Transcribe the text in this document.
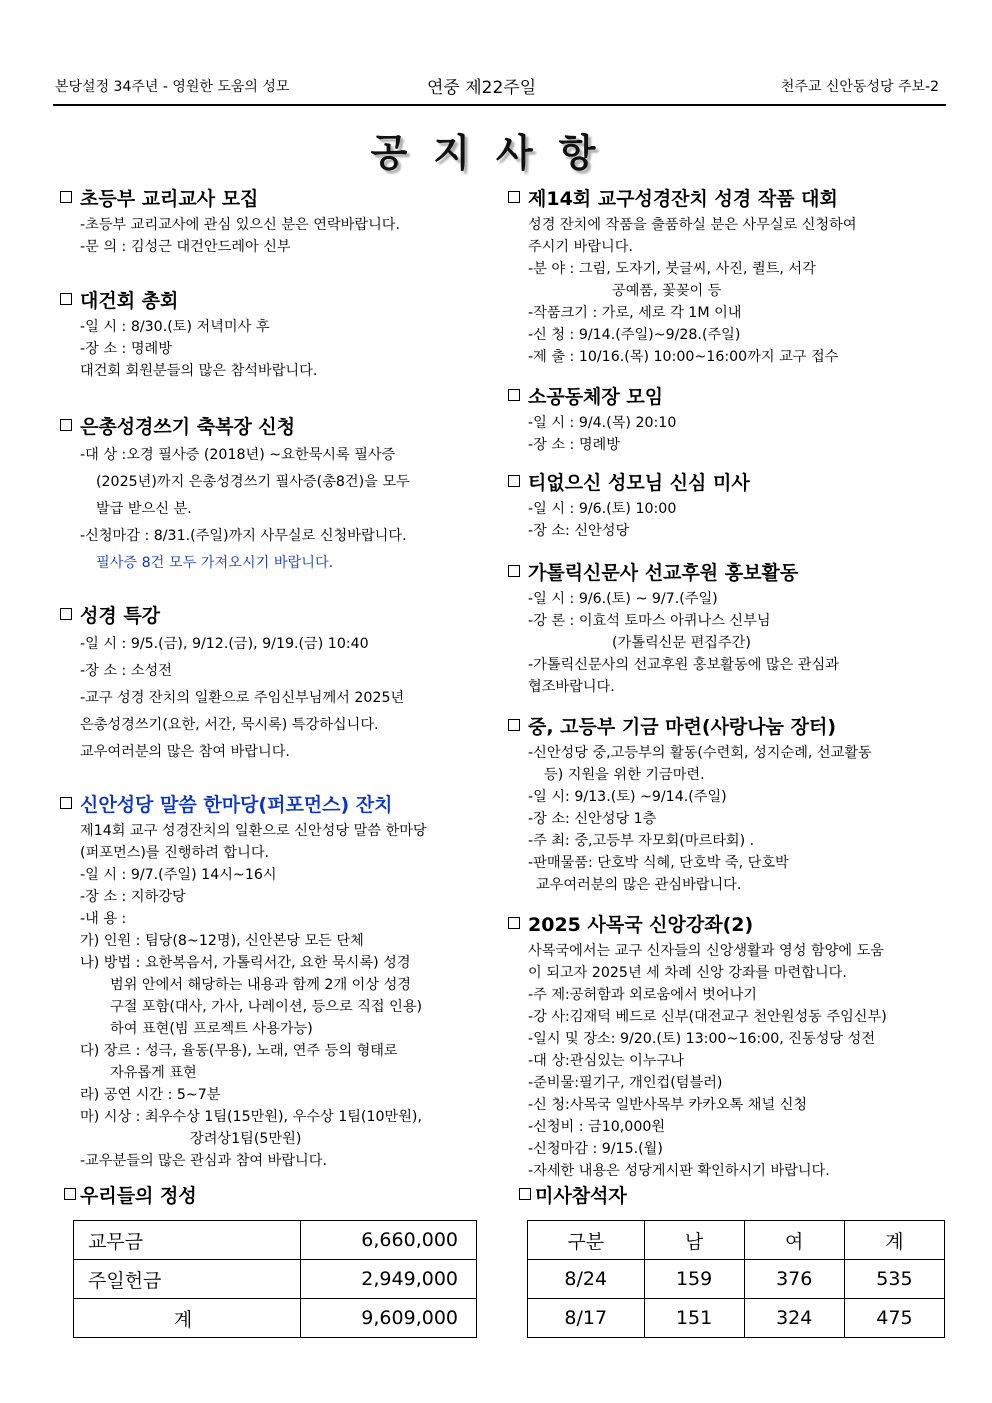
본당설정 34주년 - 영원한 도움의 성모	연중 제22주일	천주교 신안동성당 주보-2
공지사항
초등부 교리교사 모집
-초등부 교리교사에 관심 있으신 분은 연락바랍니다.
-문 의 : 김성근 대건안드레아 신부
대건회 총회
-일 시 : 8/30.(토) 저녁미사 후
-장 소 : 명례방
대건회 회원분들의 많은 참석바랍니다.
은총성경쓰기 축복장 신청
-대 상 :오경 필사증 (2018년) ~요한묵시록 필사증
(2025년)까지 은총성경쓰기 필사증(총8건)을 모두
발급 받으신 분.
-신청마감 : 8/31.(주일)까지 사무실로 신청바랍니다.
필사증 8건 모두 가져오시기 바랍니다.
성경 특강
-일 시 : 9/5.(금), 9/12.(금), 9/19.(금) 10:40
-장 소 : 소성전
-교구 성경 잔치의 일환으로 주임신부님께서 2025년
은총성경쓰기(요한, 서간, 묵시록) 특강하십니다.
교우여러분의 많은 참여 바랍니다.
신안성당 말씀 한마당(퍼포먼스) 잔치
제14회 교구 성경잔치의 일환으로 신안성당 말씀 한마당
(퍼포먼스)를 진행하려 합니다.
-일 시 : 9/7.(주일) 14시~16시
-장 소 : 지하강당
-내 용 :
가) 인원 : 팀당(8~12명), 신안본당 모든 단체
나) 방법 : 요한복음서, 가톨릭서간, 요한 묵시록) 성경
범위 안에서 해당하는 내용과 함께 2개 이상 성경
구절 포함(대사, 가사, 나레이션, 등으로 직접 인용)
하여 표현(빔 프로젝트 사용가능)
다) 장르 : 성극, 율동(무용), 노래, 연주 등의 형태로
자유롭게 표현
라) 공연 시간 : 5~7분
마) 시상 : 최우수상 1팀(15만원), 우수상 1팀(10만원),
장려상1팀(5만원)
-교우분들의 많은 관심과 참여 바랍니다.
제14회 교구성경잔치 성경 작품 대회
성경 잔치에 작품을 출품하실 분은 사무실로 신청하여
주시기 바랍니다.
-분 야 : 그림, 도자기, 붓글씨, 사진, 퀼트, 서각
공예품, 꽃꽂이 등
-작품크기 : 가로, 세로 각 1M 이내
-신 청 : 9/14.(주일)~9/28.(주일)
-제 출 : 10/16.(목) 10:00~16:00까지 교구 접수
소공동체장 모임
-일 시 : 9/4.(목) 20:10
-장 소 : 명례방
티없으신 성모님 신심 미사
-일 시 : 9/6.(토) 10:00
-장 소: 신안성당
가톨릭신문사 선교후원 홍보활동
-일 시 : 9/6.(토) ~ 9/7.(주일)
-강 론 : 이효석 토마스 아퀴나스 신부님
(가톨릭신문 편집주간)
-가톨릭신문사의 선교후원 홍보활동에 많은 관심과
협조바랍니다.
중, 고등부 기금 마련(사랑나눔 장터)
-신안성당 중,고등부의 활동(수련회, 성지순례, 선교활동
등) 지원을 위한 기금마련.
-일 시: 9/13.(토) ~9/14.(주일)
-장 소: 신안성당 1층
-주 최: 중,고등부 자모회(마르타회) .
-판매물품: 단호박 식혜, 단호박 죽, 단호박
교우여러분의 많은 관심바랍니다.
2025 사목국 신앙강좌(2)
사목국에서는 교구 신자들의 신앙생활과 영성 함양에 도움
이 되고자 2025년 세 차례 신앙 강좌를 마련합니다.
-주 제:공허함과 외로움에서 벗어나기
-강 사:김재덕 베드로 신부(대전교구 천안원성동 주임신부)
-일시 및 장소: 9/20.(토) 13:00~16:00, 진동성당 성전
-대 상:관심있는 이누구나
-준비물:필기구, 개인컵(텀블러)
-신 청:사목국 일반사목부 카카오톡 채널 신청
-신청비 : 금10,000원
-신청마감 : 9/15.(월)
-자세한 내용은 성당게시판 확인하시기 바랍니다.
우리들의 정성	미사참석자
교무금	6,660,000
주일헌금	2,949,000
계	9,609,000
구분	남	여	계
8/24	159	376	535
8/17	151	324	475
